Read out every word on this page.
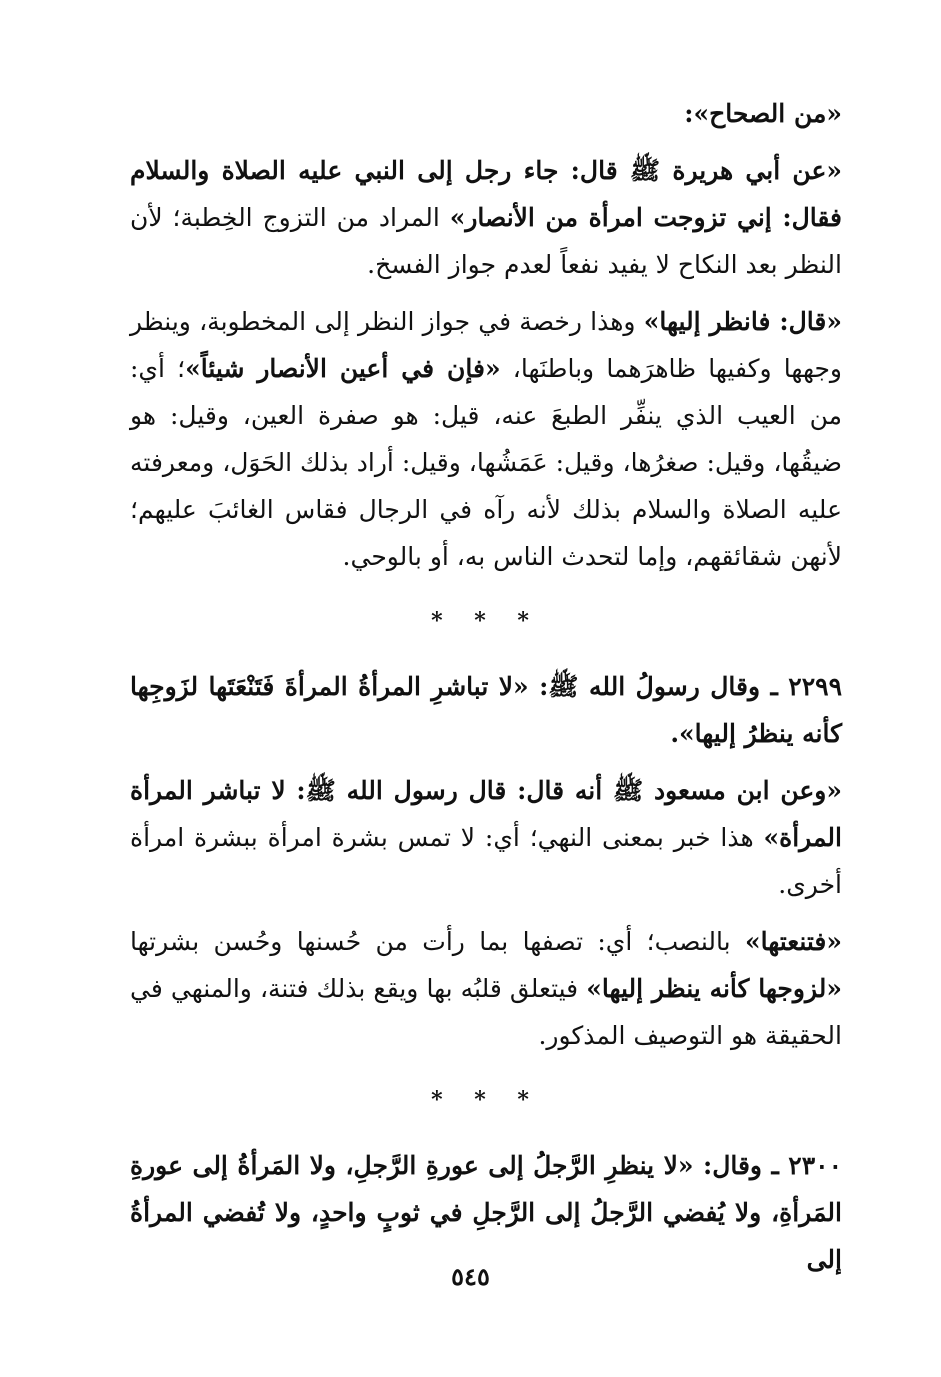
«من الصحاح»:

«عن أبي هريرة ﷺ قال: جاء رجل إلى النبي عليه الصلاة والسلام فقال: إني تزوجت امرأة من الأنصار» المراد من التزوج الخِطبة؛ لأن النظر بعد النكاح لا يفيد نفعاً لعدم جواز الفسخ.

«قال: فانظر إليها» وهذا رخصة في جواز النظر إلى المخطوبة، وينظر وجهها وكفيها ظاهرَهما وباطنَها، «فإن في أعين الأنصار شيئاً»؛ أي: من العيب الذي ينفِّر الطبعَ عنه، قيل: هو صفرة العين، وقيل: هو ضيقُها، وقيل: صغرُها، وقيل: عَمَشُها، وقيل: أراد بذلك الحَوَل، ومعرفته عليه الصلاة والسلام بذلك لأنه رآه في الرجال فقاس الغائبَ عليهم؛ لأنهن شقائقهم، وإما لتحدث الناس به، أو بالوحي.

* * *

٢٢٩٩ ـ وقال رسولُ الله ﷺ: «لا تباشرِ المرأةُ المرأةَ فَتَنْعَتَها لزَوجِها كأنه ينظرُ إليها».

«وعن ابن مسعود ﷺ أنه قال: قال رسول الله ﷺ: لا تباشر المرأة المرأة» هذا خبر بمعنى النهي؛ أي: لا تمس بشرة امرأة ببشرة امرأة أخرى.

«فتنعتها» بالنصب؛ أي: تصفها بما رأت من حُسنها وحُسن بشرتها «لزوجها كأنه ينظر إليها» فيتعلق قلبُه بها ويقع بذلك فتنة، والمنهي في الحقيقة هو التوصيف المذكور.

* * *

٢٣٠٠ ـ وقال: «لا ينظرِ الرَّجلُ إلى عورةِ الرَّجلِ، ولا المَرأةُ إلى عورةِ المَرأةِ، ولا يُفضي الرَّجلُ إلى الرَّجلِ في ثوبٍ واحدٍ، ولا تُفضي المرأةُ إلى

٥٤٥
